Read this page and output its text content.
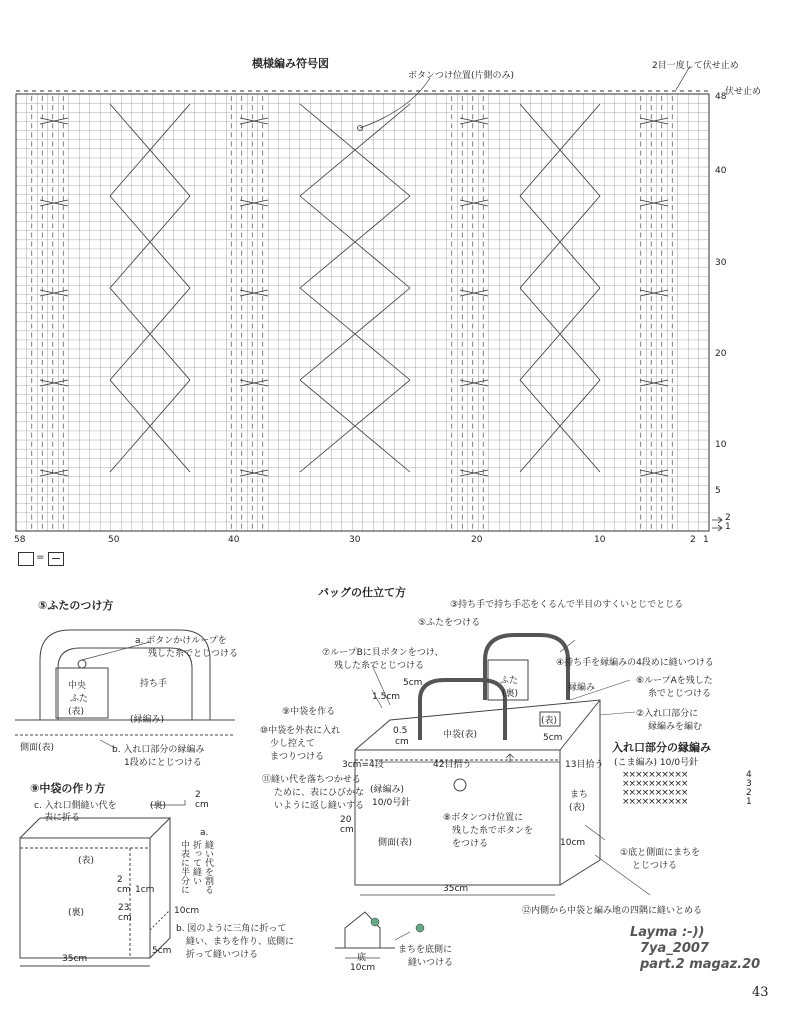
模様編み符号図
ボタンつけ位置(片側のみ)
2目一度して伏せ止め
伏せ止め
48
40
30
20
10
5
2
1
58	50	40	30	20	10	2 1
=
⑤ふたのつけ方
a. ボタンかけループを
残した糸でとじつける
持ち手
中央
ふた
(表)
(縁編み)
側面(表)	b. 入れ口部分の縁編み
1段めにとじつける
⑨中袋の作り方
c. 入れ口側縫い代を
表に折る
(裏)
2
cm
a.
中表に半分に 折って縫い 縫い代を割る
(表)
(裏)
2
cm 1cm
23
cm
10cm
b. 図のように三角に折って
縫い、まちを作り、底側に
折って縫いつける
5cm
35cm
バッグの仕立て方
③持ち手で持ち手芯をくるんで半目のすくいとじでとじる
⑤ふたをつける
④持ち手を縁編みの4段めに縫いつける
⑥ループAを残した
糸でとじつける
②入れ口部分に
縁編みを編む
⑦ループBに貝ボタンをつけ、
残した糸でとじつける
5cm
1.5cm
⑨中袋を作る
⑩中袋を外表に入れ
少し控えて
まつりつける
0.5
cm
中袋(表)
ふた
(裏)
(表)
縁編み
5cm
3cm=4段	42目拾う	13目拾う
⑪縫い代を落ちつかせる
ために、表にひびかな
いように返し縫いする
(縁編み)
10/0号針
⑧ボタンつけ位置に
残した糸でボタンを
をつける
20
cm
側面(表)
まち
(表)
10cm
①底と側面にまちを
とじつける
35cm
⑫内側から中袋と編み地の四隅に縫いとめる
まちを底側に
縫いつける
底
10cm
入れ口部分の縁編み
(こま編み) 10/0号針
××××××××××
××××××××××
××××××××××
××××××××××
4
3
2
1
Layma :-))
7ya_2007
part.2 magaz.20
43
